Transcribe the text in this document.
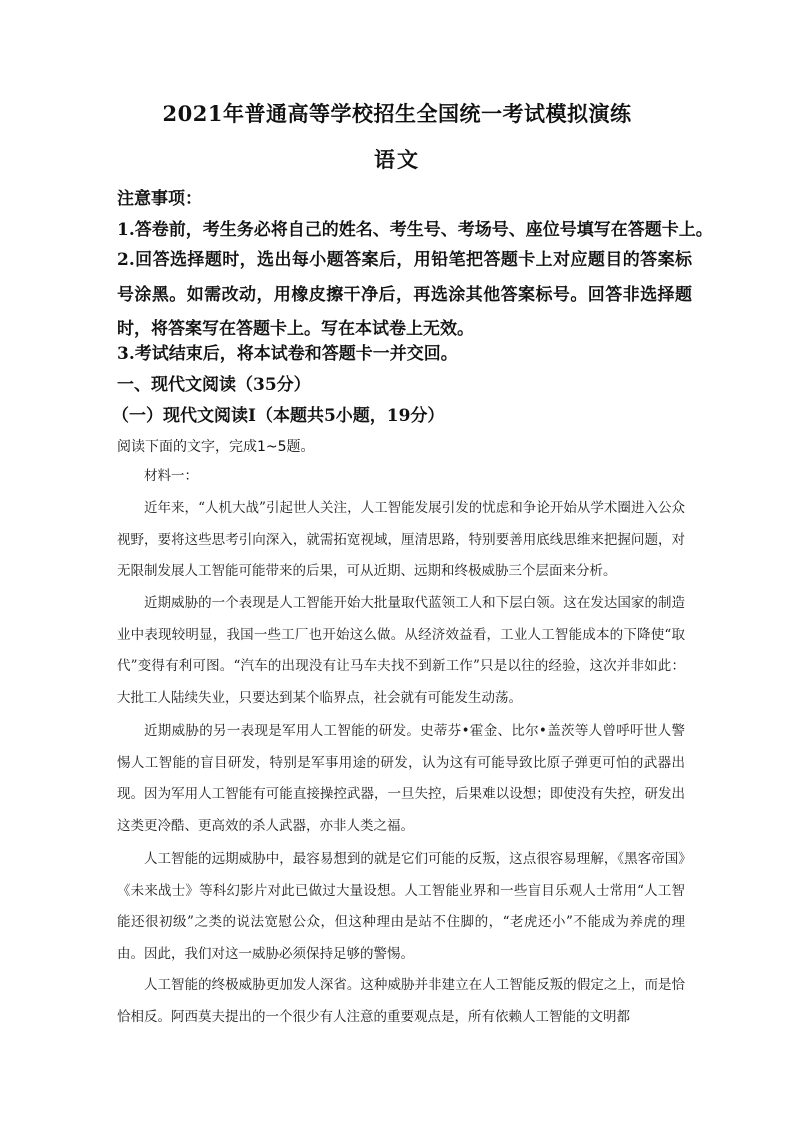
2021年普通高等学校招生全国统一考试模拟演练
语文
注意事项：
1.答卷前，考生务必将自己的姓名、考生号、考场号、座位号填写在答题卡上。
2.回答选择题时，选出每小题答案后，用铅笔把答题卡上对应题目的答案标号涂黑。如需改动，用橡皮擦干净后，再选涂其他答案标号。回答非选择题时，将答案写在答题卡上。写在本试卷上无效。
3.考试结束后，将本试卷和答题卡一并交回。
一、现代文阅读（35分）
（一）现代文阅读Ⅰ（本题共5小题，19分）
阅读下面的文字，完成1~5题。
材料一：
近年来，“人机大战”引起世人关注，人工智能发展引发的忧虑和争论开始从学术圈进入公众视野，要将这些思考引向深入，就需拓宽视域，厘清思路，特别要善用底线思维来把握问题，对无限制发展人工智能可能带来的后果，可从近期、远期和终极威胁三个层面来分析。
近期威胁的一个表现是人工智能开始大批量取代蓝领工人和下层白领。这在发达国家的制造业中表现较明显，我国一些工厂也开始这么做。从经济效益看，工业人工智能成本的下降使“取代”变得有利可图。“汽车的出现没有让马车夫找不到新工作”只是以往的经验，这次并非如此：大批工人陆续失业，只要达到某个临界点，社会就有可能发生动荡。
近期威胁的另一表现是军用人工智能的研发。史蒂芬•霍金、比尔•盖茨等人曾呼吁世人警惕人工智能的盲目研发，特别是军事用途的研发，认为这有可能导致比原子弹更可怕的武器出现。因为军用人工智能有可能直接操控武器，一旦失控，后果难以设想；即使没有失控，研发出这类更冷酷、更高效的杀人武器，亦非人类之福。
人工智能的远期威胁中，最容易想到的就是它们可能的反叛，这点很容易理解，《黑客帝国》《未来战士》等科幻影片对此已做过大量设想。人工智能业界和一些盲目乐观人士常用“人工智能还很初级”之类的说法宽慰公众，但这种理由是站不住脚的，“老虎还小”不能成为养虎的理由。因此，我们对这一威胁必须保持足够的警惕。
人工智能的终极威胁更加发人深省。这种威胁并非建立在人工智能反叛的假定之上，而是恰恰相反。阿西莫夫提出的一个很少有人注意的重要观点是，所有依赖人工智能的文明都
